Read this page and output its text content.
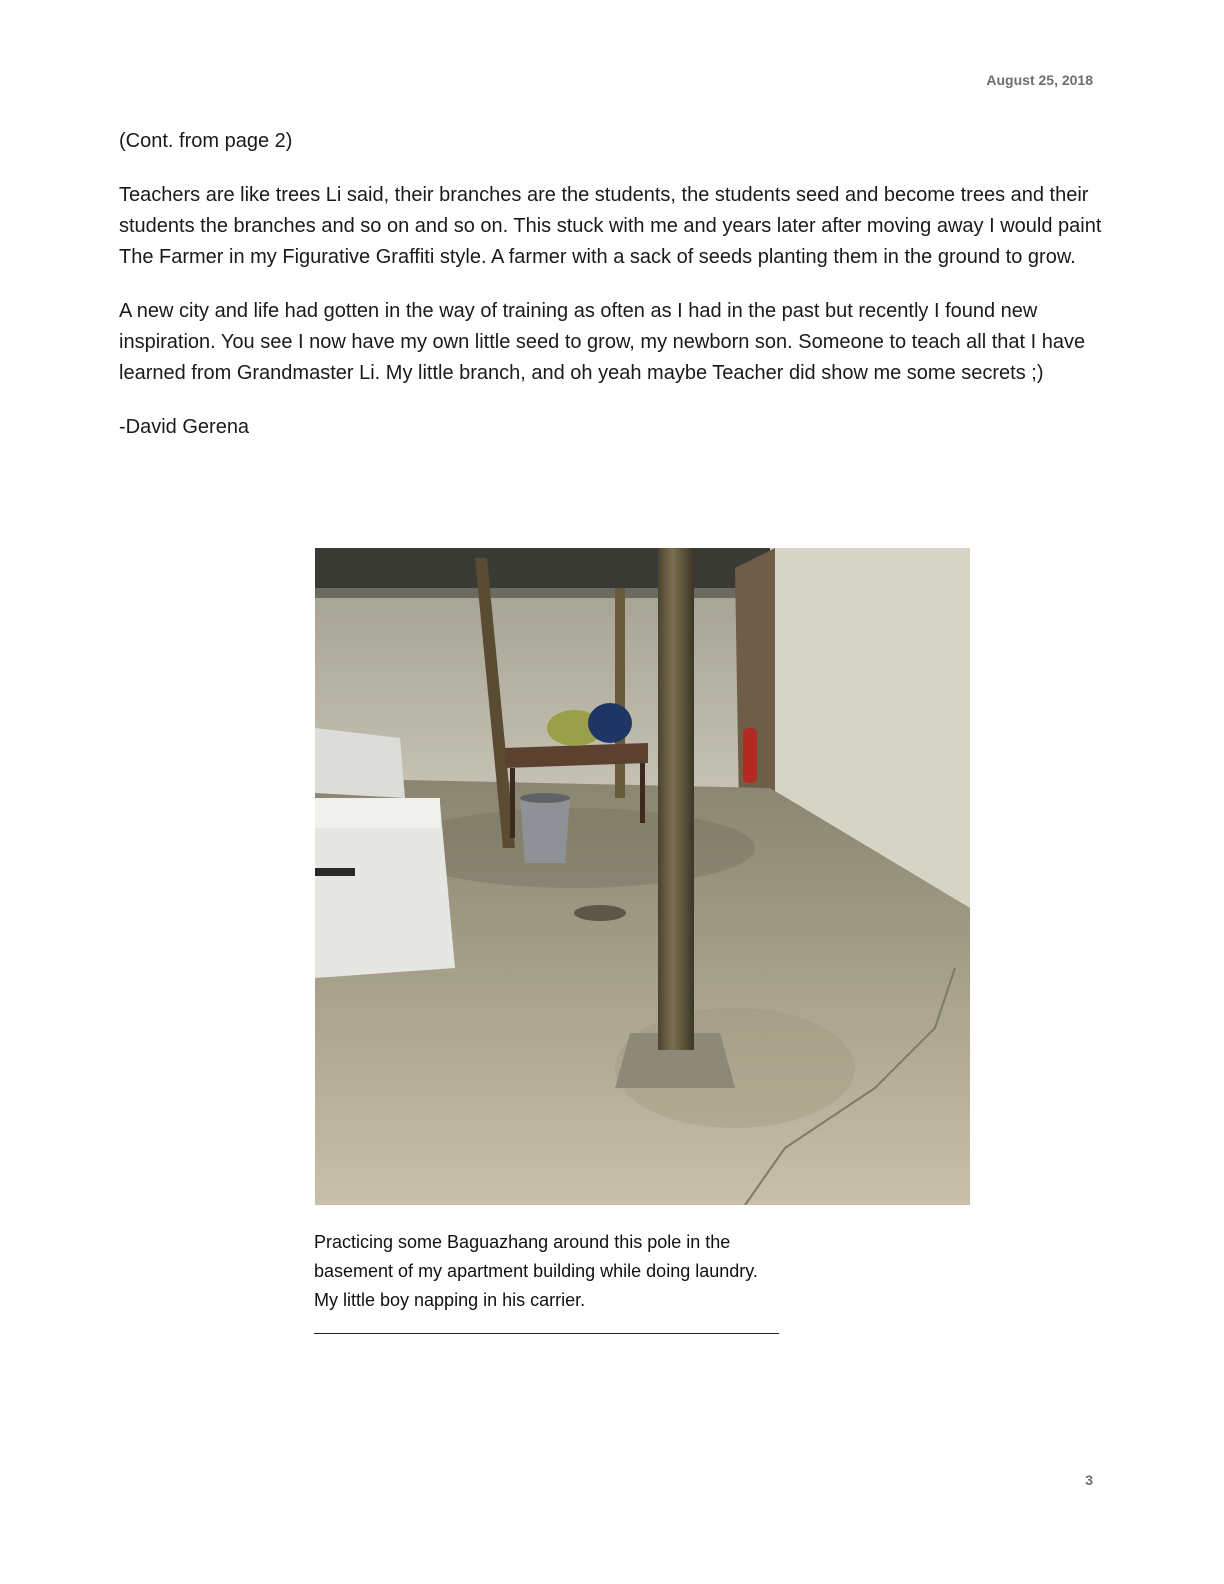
August 25, 2018

(Cont. from page 2)

Teachers are like trees Li said, their branches are the students, the students seed and become trees and their students the branches and so on and so on. This stuck with me and years later after moving away I would paint The Farmer in my Figurative Graffiti style. A farmer with a sack of seeds planting them in the ground to grow.

A new city and life had gotten in the way of training as often as I had in the past but recently I found new inspiration. You see I now have my own little seed to grow, my newborn son. Someone to teach all that I have learned from Grandmaster Li. My little branch, and oh yeah maybe Teacher did show me some secrets ;)

-David Gerena

Practicing some Baguazhang around this pole in the basement of my apartment building while doing laundry. My little boy napping in his carrier.
3
